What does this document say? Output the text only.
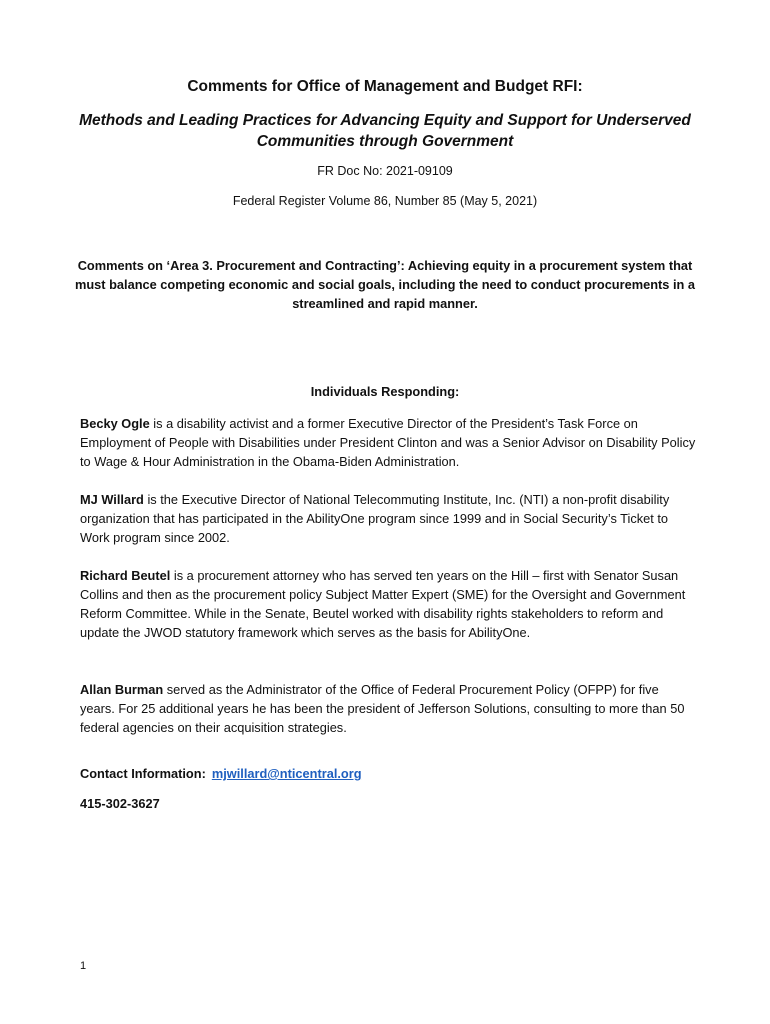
Comments for Office of Management and Budget RFI:
Methods and Leading Practices for Advancing Equity and Support for Underserved
Communities through Government
FR Doc No: 2021-09109
Federal Register Volume 86, Number 85 (May 5, 2021)
Comments on ‘Area 3. Procurement and Contracting’: Achieving equity in a procurement system that must balance competing economic and social goals, including the need to conduct procurements in a streamlined and rapid manner.
Individuals Responding:
Becky Ogle is a disability activist and a former Executive Director of the President’s Task Force on Employment of People with Disabilities under President Clinton and was a Senior Advisor on Disability Policy to Wage & Hour Administration in the Obama-Biden Administration.
MJ Willard is the Executive Director of National Telecommuting Institute, Inc. (NTI) a non-profit disability organization that has participated in the AbilityOne program since 1999 and in Social Security’s Ticket to Work program since 2002.
Richard Beutel is a procurement attorney who has served ten years on the Hill – first with Senator Susan Collins and then as the procurement policy Subject Matter Expert (SME) for the Oversight and Government Reform Committee. While in the Senate, Beutel worked with disability rights stakeholders to reform and update the JWOD statutory framework which serves as the basis for AbilityOne.
Allan Burman served as the Administrator of the Office of Federal Procurement Policy (OFPP) for five years. For 25 additional years he has been the president of Jefferson Solutions, consulting to more than 50 federal agencies on their acquisition strategies.
Contact Information: mjwillard@nticentral.org
415-302-3627
1
